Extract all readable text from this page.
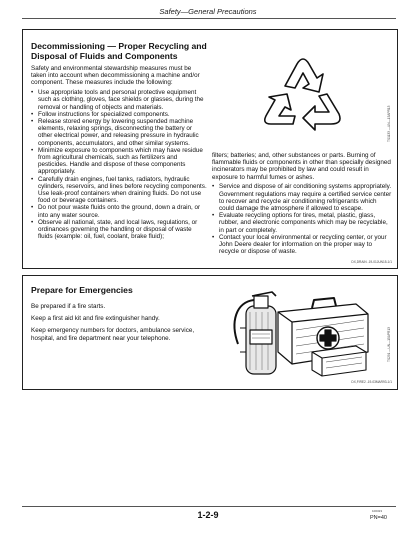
Safety—General Precautions
Decommissioning — Proper Recycling and
Disposal of Fluids and Components

Safety and environmental stewardship measures must be taken into account when decommissioning a machine and/or component. These measures include the following:

• Use appropriate tools and personal protective equipment such as clothing, gloves, face shields or glasses, during the removal or handling of objects and materials.
• Follow instructions for specialized components.
• Release stored energy by lowering suspended machine elements, relaxing springs, disconnecting the battery or other electrical power, and releasing pressure in hydraulic components, accumulators, and other similar systems.
• Minimize exposure to components which may have residue from agricultural chemicals, such as fertilizers and pesticides. Handle and dispose of these components appropriately.
• Carefully drain engines, fuel tanks, radiators, hydraulic cylinders, reservoirs, and lines before recycling components. Use leak-proof containers when draining fluids. Do not use food or beverage containers.
• Do not pour waste fluids onto the ground, down a drain, or into any water source.
• Observe all national, state, and local laws, regulations, or ordinances governing the handling or disposal of waste fluids (example: oil, fuel, coolant, brake fluid);
TS1133 —UN—15APR13

filters; batteries; and, other substances or parts. Burning of flammable fluids or components in other than specially designed incinerators may be prohibited by law and could result in exposure to harmful fumes or ashes.

• Service and dispose of air conditioning systems appropriately. Government regulations may require a certified service center to recover and recycle air conditioning refrigerants which could damage the atmosphere if allowed to escape.
• Evaluate recycling options for tires, metal, plastic, glass, rubber, and electronic components which may be recyclable, in part or completely.
• Contact your local environmental or recycling center, or your John Deere dealer for information on the proper way to recycle or dispose of waste.
DX,DRAIN -19-01JUN15-1/1
Prepare for Emergencies

Be prepared if a fire starts.

Keep a first aid kit and fire extinguisher handy.

Keep emergency numbers for doctors, ambulance service, hospital, and fire department near your telephone.	TS291 —UN—15APR13
DX,FIRE2 -19-03MAR93-1/1
1-2-9	100323
PN=40
